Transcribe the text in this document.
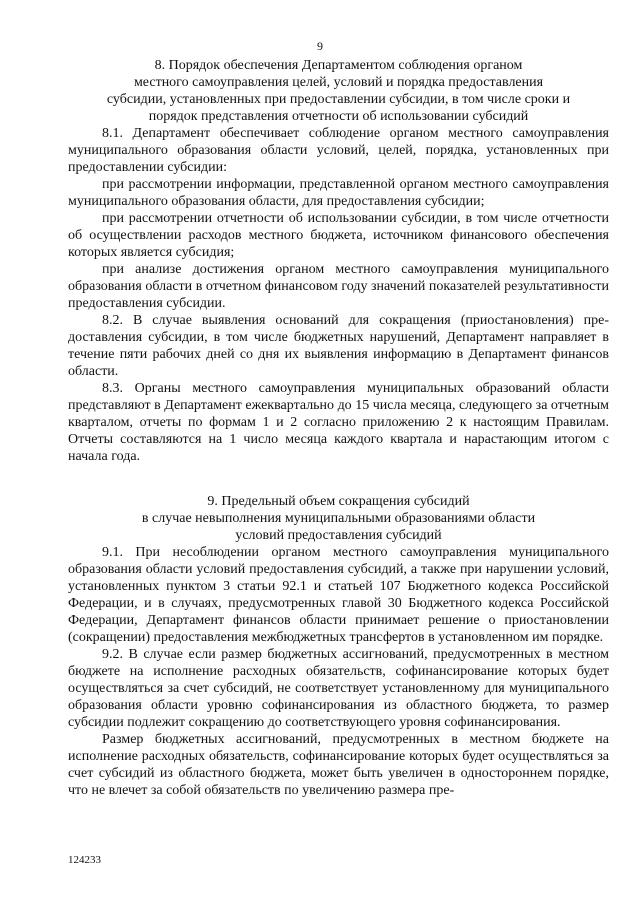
9
8. Порядок обеспечения Департаментом соблюдения органом
местного самоуправления целей, условий и порядка предоставления
субсидии, установленных при предоставлении субсидии, в том числе сроки и
порядок представления отчетности об использовании субсидий

8.1. Департамент обеспечивает соблюдение органом местного самоуправления муниципального образования области условий, целей, порядка, установленных при предоставлении субсидии:

при рассмотрении информации, представленной органом местного самоуправления муниципального образования области, для предоставления субсидии;

при рассмотрении отчетности об использовании субсидии, в том числе отчетности об осуществлении расходов местного бюджета, источником финансового обеспечения которых является субсидия;

при анализе достижения органом местного самоуправления муниципального образования области в отчетном финансовом году значений показателей результативности предоставления субсидии.

8.2. В случае выявления оснований для сокращения (приостановления) предоставления субсидии, в том числе бюджетных нарушений, Департамент направляет в течение пяти рабочих дней со дня их выявления информацию в Департамент финансов области.

8.3. Органы местного самоуправления муниципальных образований области представляют в Департамент ежеквартально до 15 числа месяца, следующего за отчетным кварталом, отчеты по формам 1 и 2 согласно приложению 2 к настоящим Правилам. Отчеты составляются на 1 число месяца каждого квартала и нарастающим итогом с начала года.

9. Предельный объем сокращения субсидий
в случае невыполнения муниципальными образованиями области
условий предоставления субсидий

9.1. При несоблюдении органом местного самоуправления муниципального образования области условий предоставления субсидий, а также при нарушении условий, установленных пунктом 3 статьи 92.1 и статьей 107 Бюджетного кодекса Российской Федерации, и в случаях, предусмотренных главой 30 Бюджетного кодекса Российской Федерации, Департамент финансов области принимает решение о приостановлении (сокращении) предоставления межбюджетных трансфертов в установленном им порядке.

9.2. В случае если размер бюджетных ассигнований, предусмотренных в местном бюджете на исполнение расходных обязательств, софинансирование которых будет осуществляться за счет субсидий, не соответствует установленному для муниципального образования области уровню софинансирования из областного бюджета, то размер субсидии подлежит сокращению до соответствующего уровня софинансирования.

Размер бюджетных ассигнований, предусмотренных в местном бюджете на исполнение расходных обязательств, софинансирование которых будет осуществляться за счет субсидий из областного бюджета, может быть увеличен в одностороннем порядке, что не влечет за собой обязательств по увеличению размера пре-

124233
